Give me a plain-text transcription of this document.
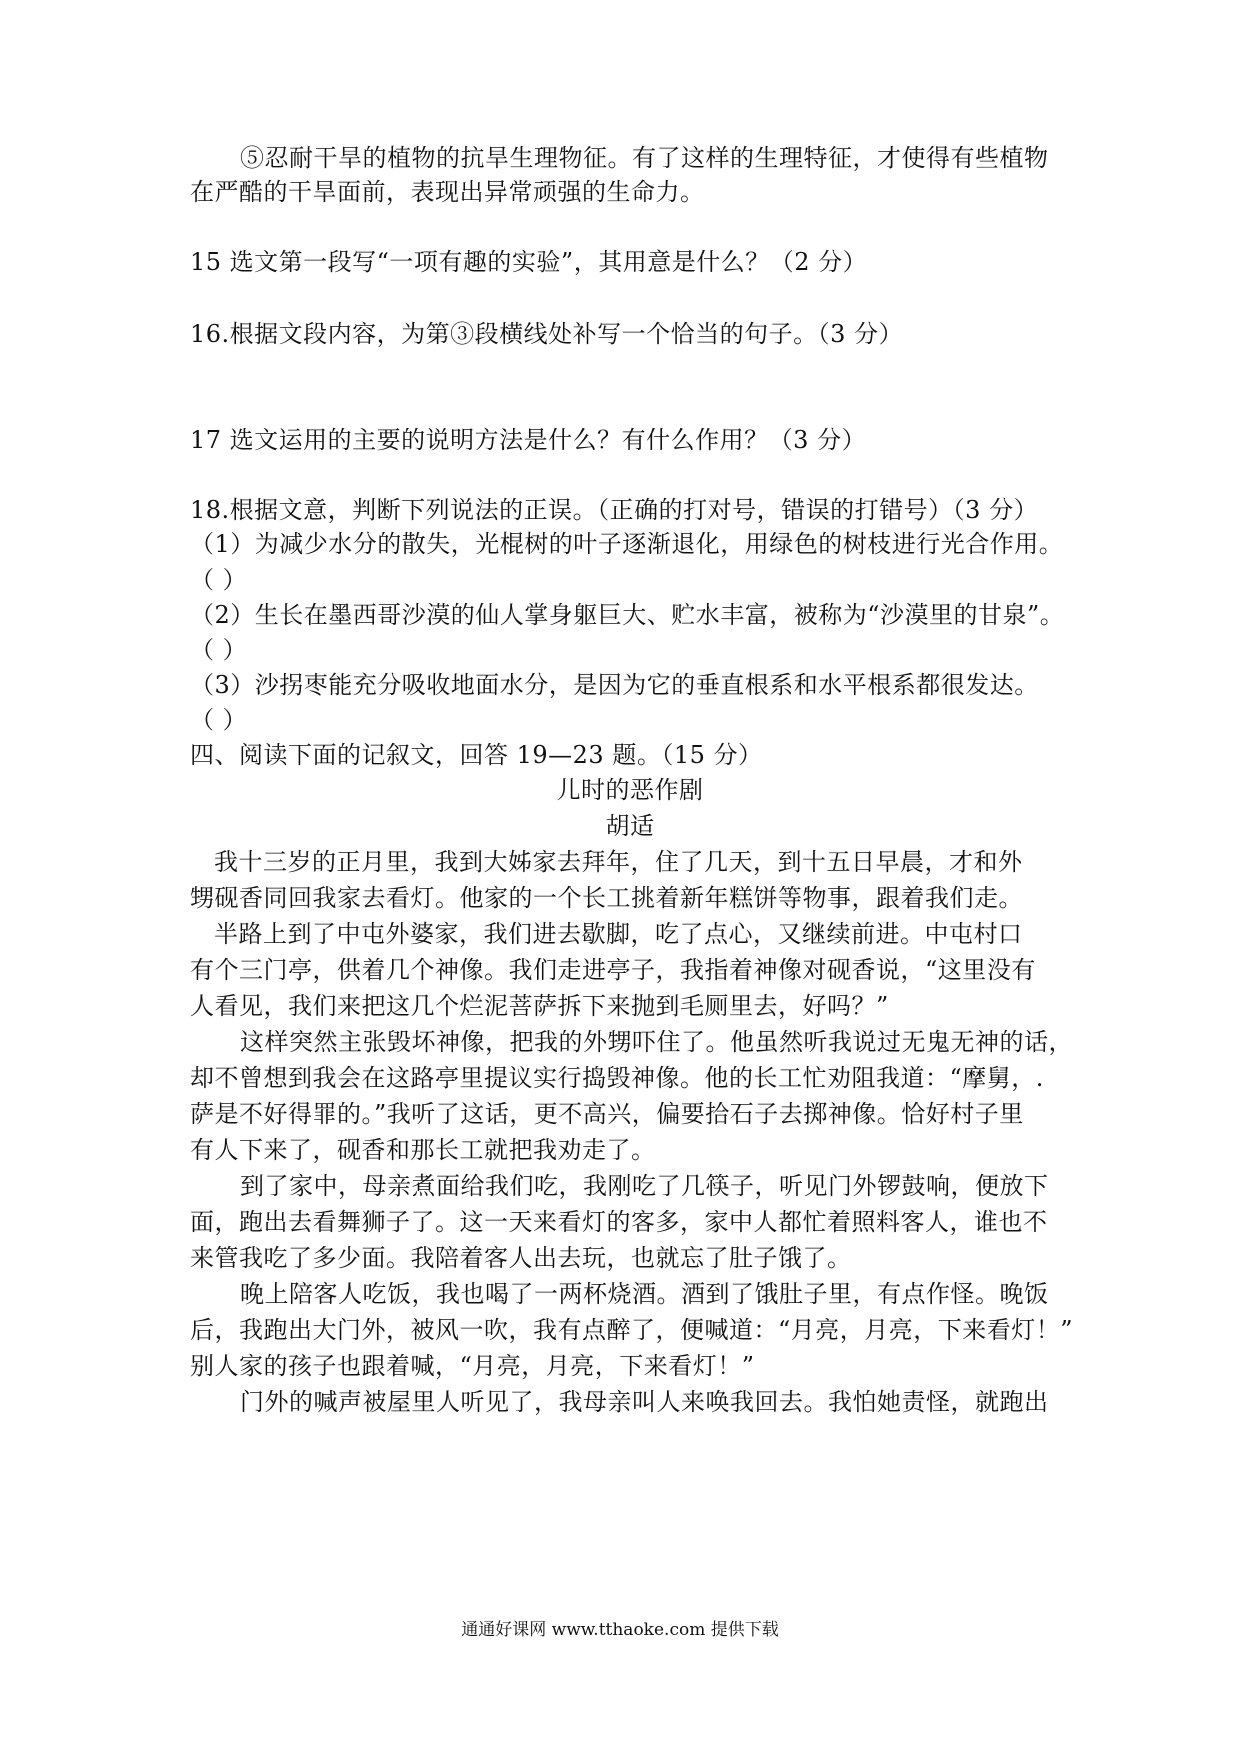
⑤忍耐干旱的植物的抗旱生理物征。有了这样的生理特征，才使得有些植物
在严酷的干旱面前，表现出异常顽强的生命力。
15 选文第一段写“一项有趣的实验”，其用意是什么？（2 分）
16.根据文段内容，为第③段横线处补写一个恰当的句子。（3 分）
17 选文运用的主要的说明方法是什么？有什么作用？（3 分）
18.根据文意，判断下列说法的正误。（正确的打对号，错误的打错号）（3 分）
（1）为减少水分的散失，光棍树的叶子逐渐退化，用绿色的树枝进行光合作用。
（ ）
（2）生长在墨西哥沙漠的仙人掌身躯巨大、贮水丰富，被称为“沙漠里的甘泉”。
（ ）
（3）沙拐枣能充分吸收地面水分，是因为它的垂直根系和水平根系都很发达。
（ ）
四、阅读下面的记叙文，回答 19—23 题。（15 分）
儿时的恶作剧
胡适
我十三岁的正月里，我到大姊家去拜年，住了几天，到十五日早晨，才和外
甥砚香同回我家去看灯。他家的一个长工挑着新年糕饼等物事，跟着我们走。
半路上到了中屯外婆家，我们进去歇脚，吃了点心，又继续前进。中屯村口
有个三门亭，供着几个神像。我们走进亭子，我指着神像对砚香说，“这里没有
人看见，我们来把这几个烂泥菩萨拆下来抛到毛厕里去，好吗？”
这样突然主张毁坏神像，把我的外甥吓住了。他虽然听我说过无鬼无神的话，
却不曾想到我会在这路亭里提议实行捣毁神像。他的长工忙劝阻我道：“摩舅，.
萨是不好得罪的。”我听了这话，更不高兴，偏要拾石子去掷神像。恰好村子里
有人下来了，砚香和那长工就把我劝走了。
到了家中，母亲煮面给我们吃，我刚吃了几筷子，听见门外锣鼓响，便放下
面，跑出去看舞狮子了。这一天来看灯的客多，家中人都忙着照料客人，谁也不
来管我吃了多少面。我陪着客人出去玩，也就忘了肚子饿了。
晚上陪客人吃饭，我也喝了一两杯烧酒。酒到了饿肚子里，有点作怪。晚饭
后，我跑出大门外，被风一吹，我有点醉了，便喊道：“月亮，月亮，下来看灯！”
别人家的孩子也跟着喊，“月亮，月亮，下来看灯！”
门外的喊声被屋里人听见了，我母亲叫人来唤我回去。我怕她责怪，就跑出
通通好课网 www.tthaoke.com 提供下载
